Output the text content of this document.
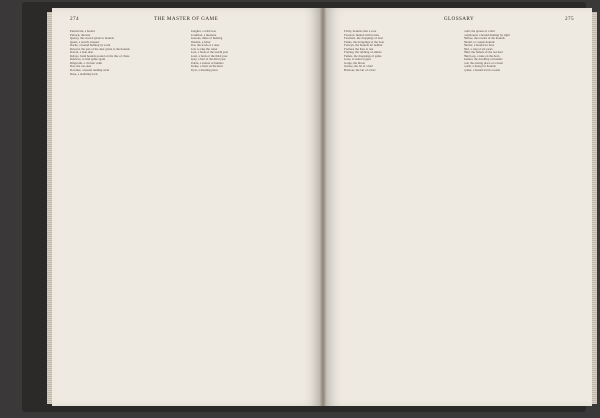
274	THE MASTER OF GAME
Pursuivant, a herald
Puttock, the kite
Quarry, the reward given to hounds
Quest, a search, inquest
Rache, a hound hunting by scent
Reward, the part of the deer given to the hounds
Rascal, a lean deer
Relays, fresh hounds posted on the line of chase
Retrieve, to find game again
Ringwalk, a circular walk
Roe, the roe-deer
Rowmer, a hound running wide
Ruse, a doubling back
Sanglier, a wild boar
Scantilon, a measure
Seasons, times of hunting
Shackle, a fetter
Slot, the track of a deer
Soil, to take the water
Sore, a buck of the fourth year
Sorel, a buck of the third year
Spay, a hart of the third year
Stable, a station of hunters
Strake, a blast on the horn
Tryst, a meeting place
GLOSSARY	275
Fairly, hounds after a sore
Ferreted, hunted with ferrets
Fewmets, the droppings of deer
Fiants, the droppings of the boar
Forloyn, the hounds far behind
Formed, the hare at rest
Fraying, the rubbing of antlers
Fumes, the droppings of game
Gaze, to stand at gaze
Gorge, the throat
Grease, the fat of a hart
Harbour, the lair of a hart
Grail, the grease of a hart
Greyhound, a hound hunting by sight
Hallow, the reward of the hounds
Hardel, to couple hounds
Harrier, a hound for hare
Hart, a stag of six years
Hind, the female of the red deer
Hunt's-up, a tune on the horn
Kennel, the dwelling of hounds
Lair, the resting place of a beast
Leash, a thong for hounds
Lymer, a hound led in a leash
